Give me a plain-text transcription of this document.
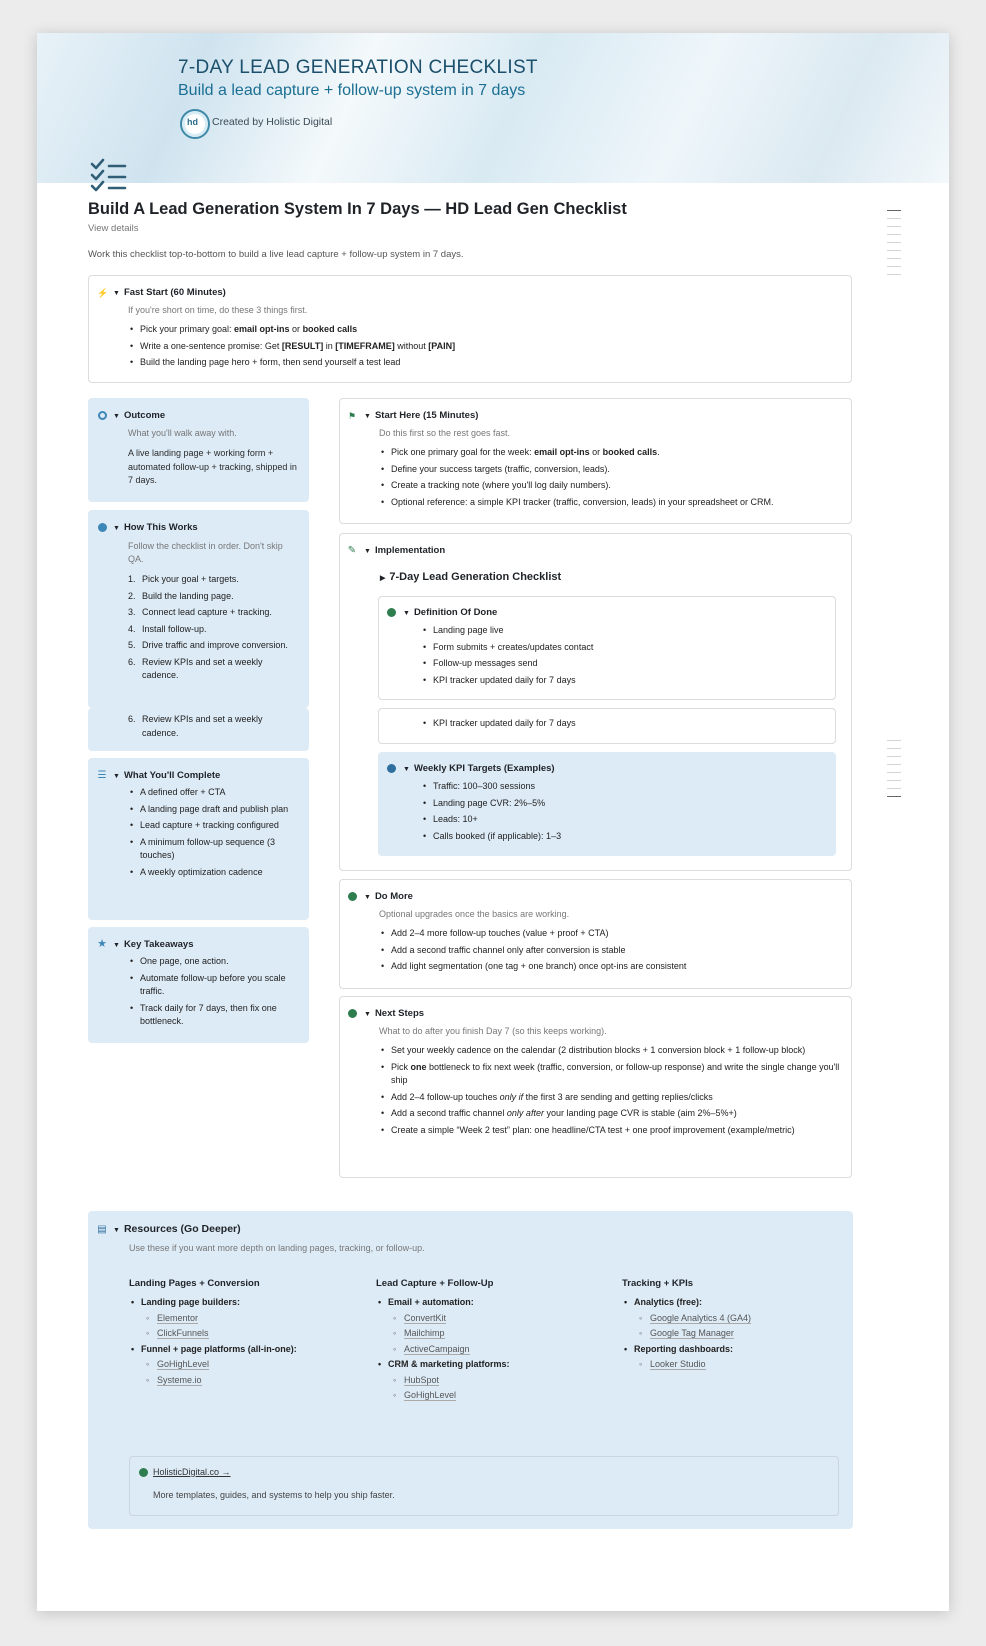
7-DAY LEAD GENERATION CHECKLIST
Build a lead capture + follow-up system in 7 days
hd Created by Holistic Digital
Build A Lead Generation System In 7 Days — HD Lead Gen Checklist
View details
Work this checklist top-to-bottom to build a live lead capture + follow-up system in 7 days.
⚡ ▼ Fast Start (60 Minutes)
If you're short on time, do these 3 things first.
• Pick your primary goal: email opt-ins or booked calls
• Write a one-sentence promise: Get [RESULT] in [TIMEFRAME] without [PAIN]
• Build the landing page hero + form, then send yourself a test lead
▼ Outcome
What you'll walk away with.
A live landing page + working form + automated follow-up + tracking, shipped in 7 days.
▼ How This Works
Follow the checklist in order. Don't skip QA.
1. Pick your goal + targets.
2. Build the landing page.
3. Connect lead capture + tracking.
4. Install follow-up.
5. Drive traffic and improve conversion.
6. Review KPIs and set a weekly cadence.
6. Review KPIs and set a weekly cadence.
☰ ▼ What You'll Complete
• A defined offer + CTA
• A landing page draft and publish plan
• Lead capture + tracking configured
• A minimum follow-up sequence (3 touches)
• A weekly optimization cadence
★ ▼ Key Takeaways
• One page, one action.
• Automate follow-up before you scale traffic.
• Track daily for 7 days, then fix one bottleneck.
⚑ ▼ Start Here (15 Minutes)
Do this first so the rest goes fast.
• Pick one primary goal for the week: email opt-ins or booked calls.
• Define your success targets (traffic, conversion, leads).
• Create a tracking note (where you'll log daily numbers).
• Optional reference: a simple KPI tracker (traffic, conversion, leads) in your spreadsheet or CRM.
✎ ▼ Implementation
▶ 7-Day Lead Generation Checklist
▼ Definition Of Done
• Landing page live
• Form submits + creates/updates contact
• Follow-up messages send
• KPI tracker updated daily for 7 days
• KPI tracker updated daily for 7 days
▼ Weekly KPI Targets (Examples)
• Traffic: 100–300 sessions
• Landing page CVR: 2%–5%
• Leads: 10+
• Calls booked (if applicable): 1–3
▼ Do More
Optional upgrades once the basics are working.
• Add 2–4 more follow-up touches (value + proof + CTA)
• Add a second traffic channel only after conversion is stable
• Add light segmentation (one tag + one branch) once opt-ins are consistent
▼ Next Steps
What to do after you finish Day 7 (so this keeps working).
• Set your weekly cadence on the calendar (2 distribution blocks + 1 conversion block + 1 follow-up block)
• Pick one bottleneck to fix next week (traffic, conversion, or follow-up response) and write the single change you'll ship
• Add 2–4 follow-up touches only if the first 3 are sending and getting replies/clicks
• Add a second traffic channel only after your landing page CVR is stable (aim 2%–5%+)
• Create a simple “Week 2 test” plan: one headline/CTA test + one proof improvement (example/metric)
▤ ▼ Resources (Go Deeper)
Use these if you want more depth on landing pages, tracking, or follow-up.
Landing Pages + Conversion
• Landing page builders:
◦ Elementor
◦ ClickFunnels
• Funnel + page platforms (all-in-one):
◦ GoHighLevel
◦ Systeme.io
Lead Capture + Follow-Up
• Email + automation:
◦ ConvertKit
◦ Mailchimp
◦ ActiveCampaign
• CRM & marketing platforms:
◦ HubSpot
◦ GoHighLevel
Tracking + KPIs
• Analytics (free):
◦ Google Analytics 4 (GA4)
◦ Google Tag Manager
• Reporting dashboards:
◦ Looker Studio
HolisticDigital.co →
More templates, guides, and systems to help you ship faster.
